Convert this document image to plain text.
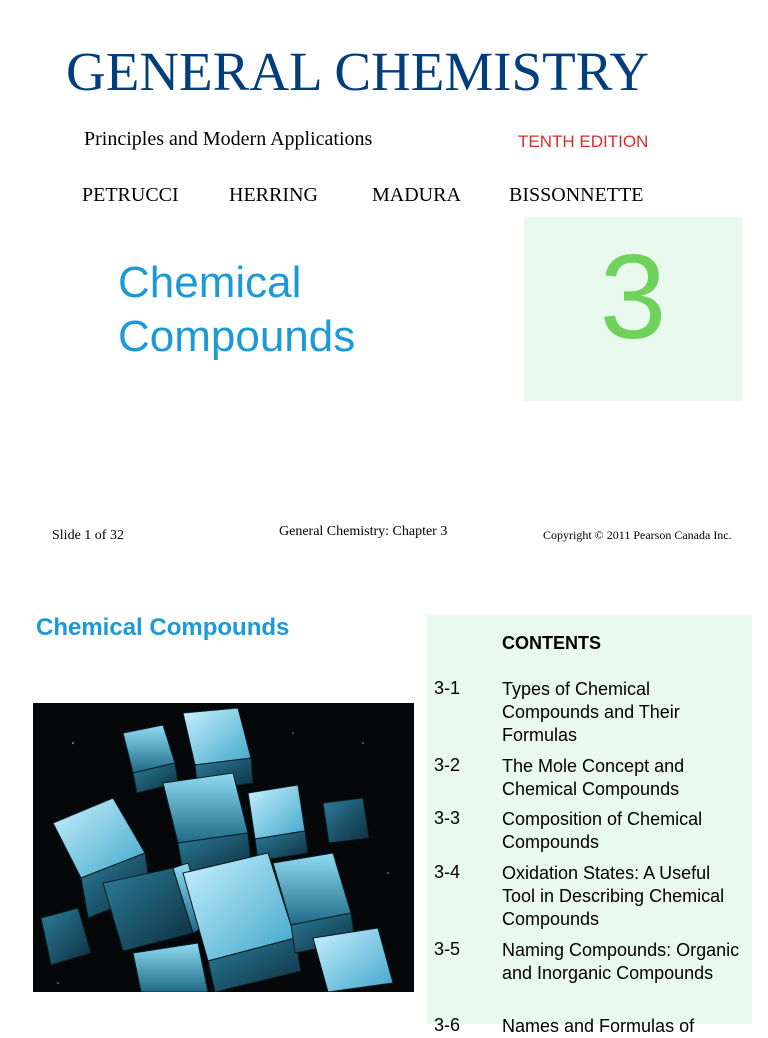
GENERAL CHEMISTRY
Principles and Modern Applications	TENTH EDITION
PETRUCCI	HERRING	MADURA BISSONNETTE
Chemical
Compounds	3
Slide 1 of 32	General Chemistry: Chapter 3	Copyright © 2011 Pearson Canada Inc.
Chemical Compounds
CONTENTS
3-1 Types of Chemical Compounds and Their Formulas
3-2 The Mole Concept and Chemical Compounds
3-3 Composition of Chemical Compounds
3-4 Oxidation States: A Useful Tool in Describing Chemical Compounds
3-5 Naming Compounds: Organic and Inorganic Compounds
3-6 Names and Formulas of
